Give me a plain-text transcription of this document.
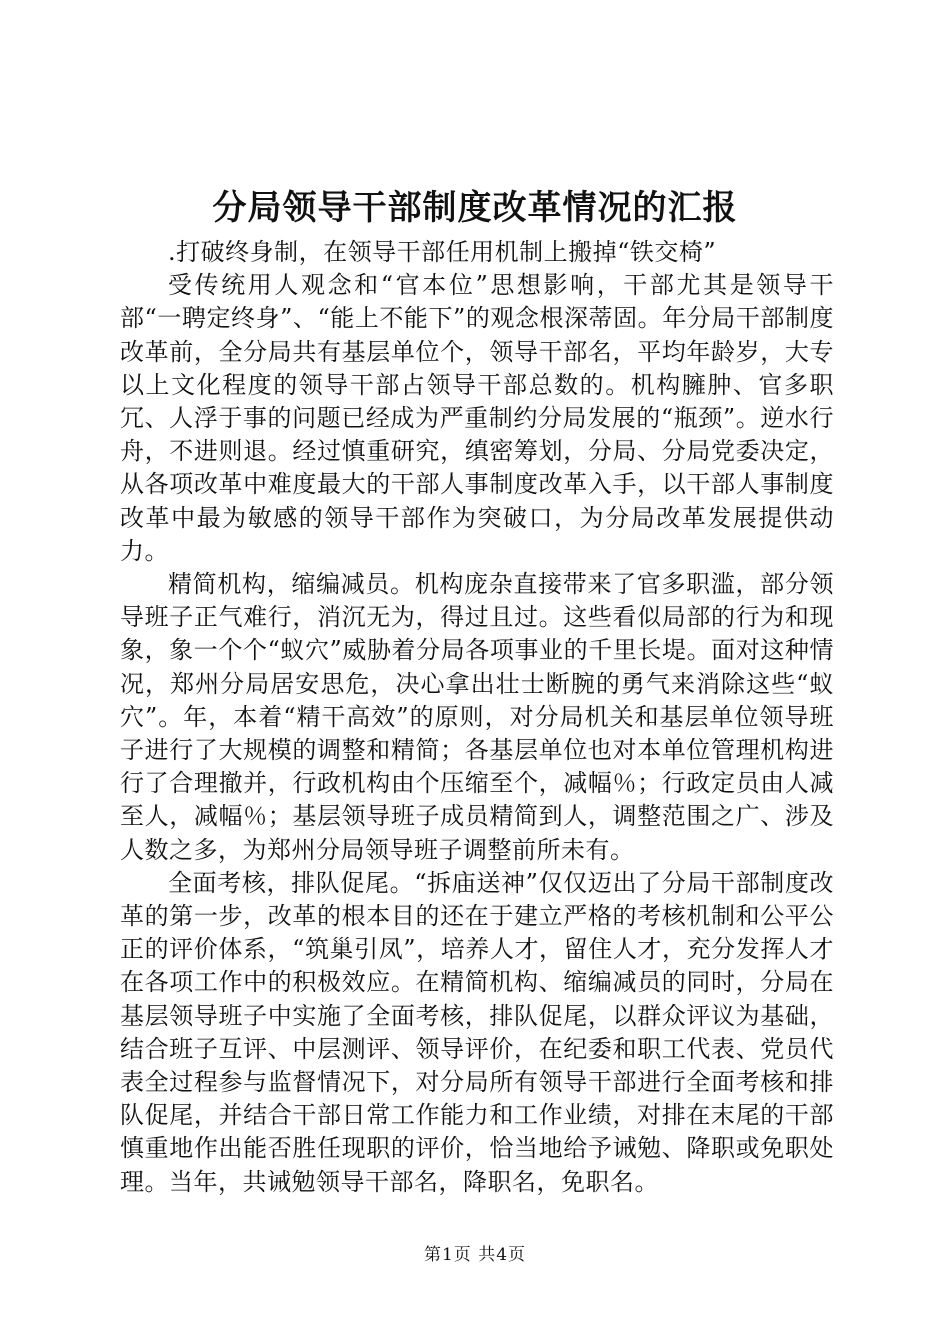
分局领导干部制度改革情况的汇报

.打破终身制，在领导干部任用机制上搬掉“铁交椅”

受传统用人观念和“官本位”思想影响，干部尤其是领导干部“一聘定终身”、“能上不能下”的观念根深蒂固。年分局干部制度改革前，全分局共有基层单位个，领导干部名，平均年龄岁，大专以上文化程度的领导干部占领导干部总数的。机构臃肿、官多职冗、人浮于事的问题已经成为严重制约分局发展的“瓶颈”。逆水行舟，不进则退。经过慎重研究，缜密筹划，分局、分局党委决定，从各项改革中难度最大的干部人事制度改革入手，以干部人事制度改革中最为敏感的领导干部作为突破口，为分局改革发展提供动力。

精简机构，缩编减员。机构庞杂直接带来了官多职滥，部分领导班子正气难行，消沉无为，得过且过。这些看似局部的行为和现象，象一个个“蚁穴”威胁着分局各项事业的千里长堤。面对这种情况，郑州分局居安思危，决心拿出壮士断腕的勇气来消除这些“蚁穴”。年，本着“精干高效”的原则，对分局机关和基层单位领导班子进行了大规模的调整和精简；各基层单位也对本单位管理机构进行了合理撤并，行政机构由个压缩至个，减幅％；行政定员由人减至人，减幅％；基层领导班子成员精简到人，调整范围之广、涉及人数之多，为郑州分局领导班子调整前所未有。

全面考核，排队促尾。“拆庙送神”仅仅迈出了分局干部制度改革的第一步，改革的根本目的还在于建立严格的考核机制和公平公正的评价体系，“筑巢引凤”，培养人才，留住人才，充分发挥人才在各项工作中的积极效应。在精简机构、缩编减员的同时，分局在基层领导班子中实施了全面考核，排队促尾，以群众评议为基础，结合班子互评、中层测评、领导评价，在纪委和职工代表、党员代表全过程参与监督情况下，对分局所有领导干部进行全面考核和排队促尾，并结合干部日常工作能力和工作业绩，对排在末尾的干部慎重地作出能否胜任现职的评价，恰当地给予诫勉、降职或免职处理。当年，共诫勉领导干部名，降职名，免职名。

第1页 共4页
